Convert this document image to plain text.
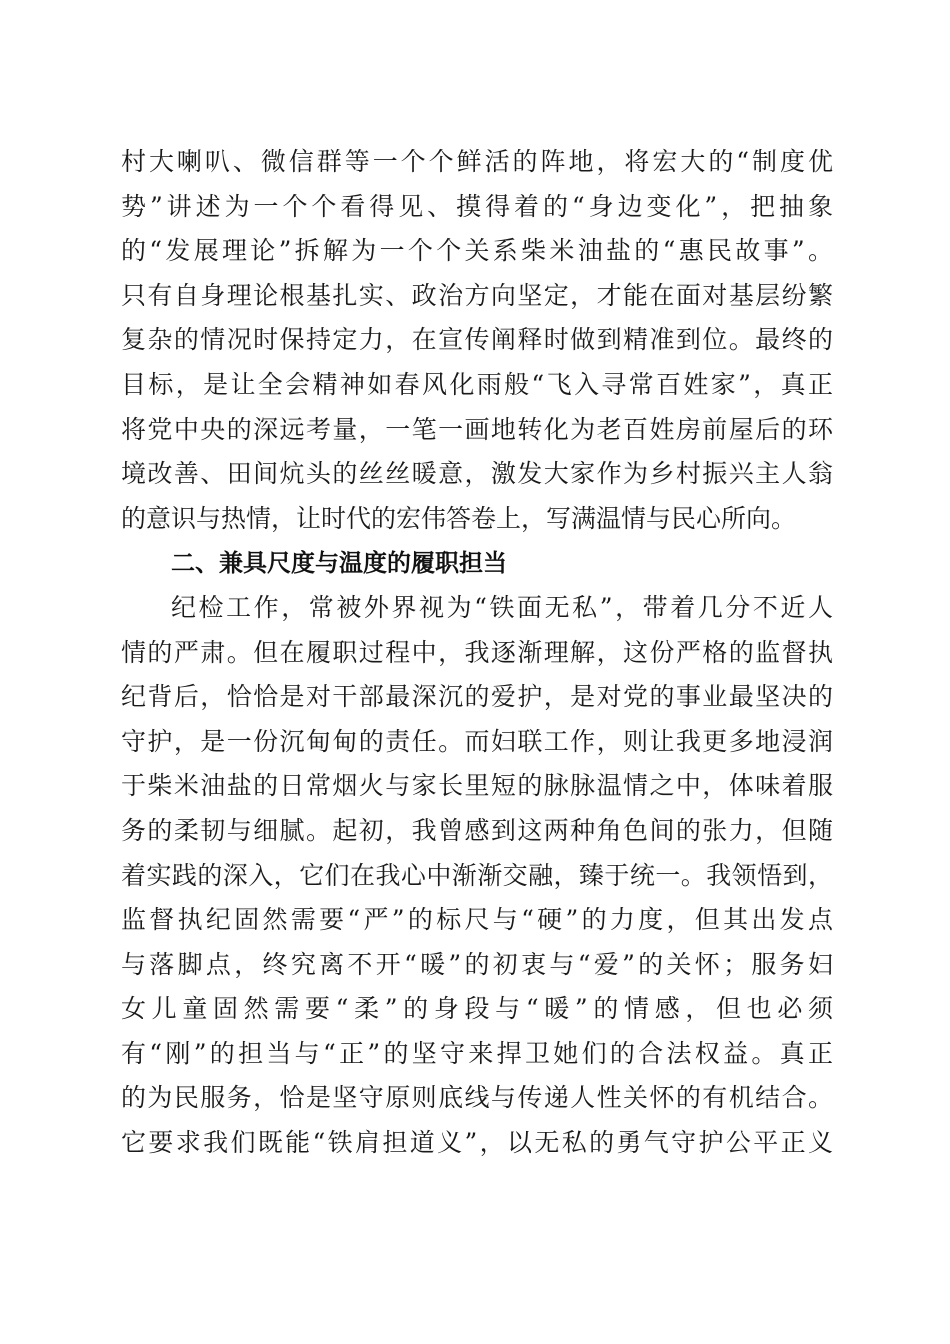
村大喇叭、微信群等一个个鲜活的阵地，将宏大的“制度优
势”讲述为一个个看得见、摸得着的“身边变化”，把抽象
的“发展理论”拆解为一个个关系柴米油盐的“惠民故事”。
只有自身理论根基扎实、政治方向坚定，才能在面对基层纷繁
复杂的情况时保持定力，在宣传阐释时做到精准到位。最终的
目标，是让全会精神如春风化雨般“飞入寻常百姓家”，真正
将党中央的深远考量，一笔一画地转化为老百姓房前屋后的环
境改善、田间炕头的丝丝暖意，激发大家作为乡村振兴主人翁
的意识与热情，让时代的宏伟答卷上，写满温情与民心所向。
二、兼具尺度与温度的履职担当
纪检工作，常被外界视为“铁面无私”，带着几分不近人
情的严肃。但在履职过程中，我逐渐理解，这份严格的监督执
纪背后，恰恰是对干部最深沉的爱护，是对党的事业最坚决的
守护，是一份沉甸甸的责任。而妇联工作，则让我更多地浸润
于柴米油盐的日常烟火与家长里短的脉脉温情之中，体味着服
务的柔韧与细腻。起初，我曾感到这两种角色间的张力，但随
着实践的深入，它们在我心中渐渐交融，臻于统一。我领悟到，
监督执纪固然需要“严”的标尺与“硬”的力度，但其出发点
与落脚点，终究离不开“暖”的初衷与“爱”的关怀；服务妇
女儿童固然需要“柔”的身段与“暖”的情感，但也必须
有“刚”的担当与“正”的坚守来捍卫她们的合法权益。真正
的为民服务，恰是坚守原则底线与传递人性关怀的有机结合。
它要求我们既能“铁肩担道义”，以无私的勇气守护公平正义
